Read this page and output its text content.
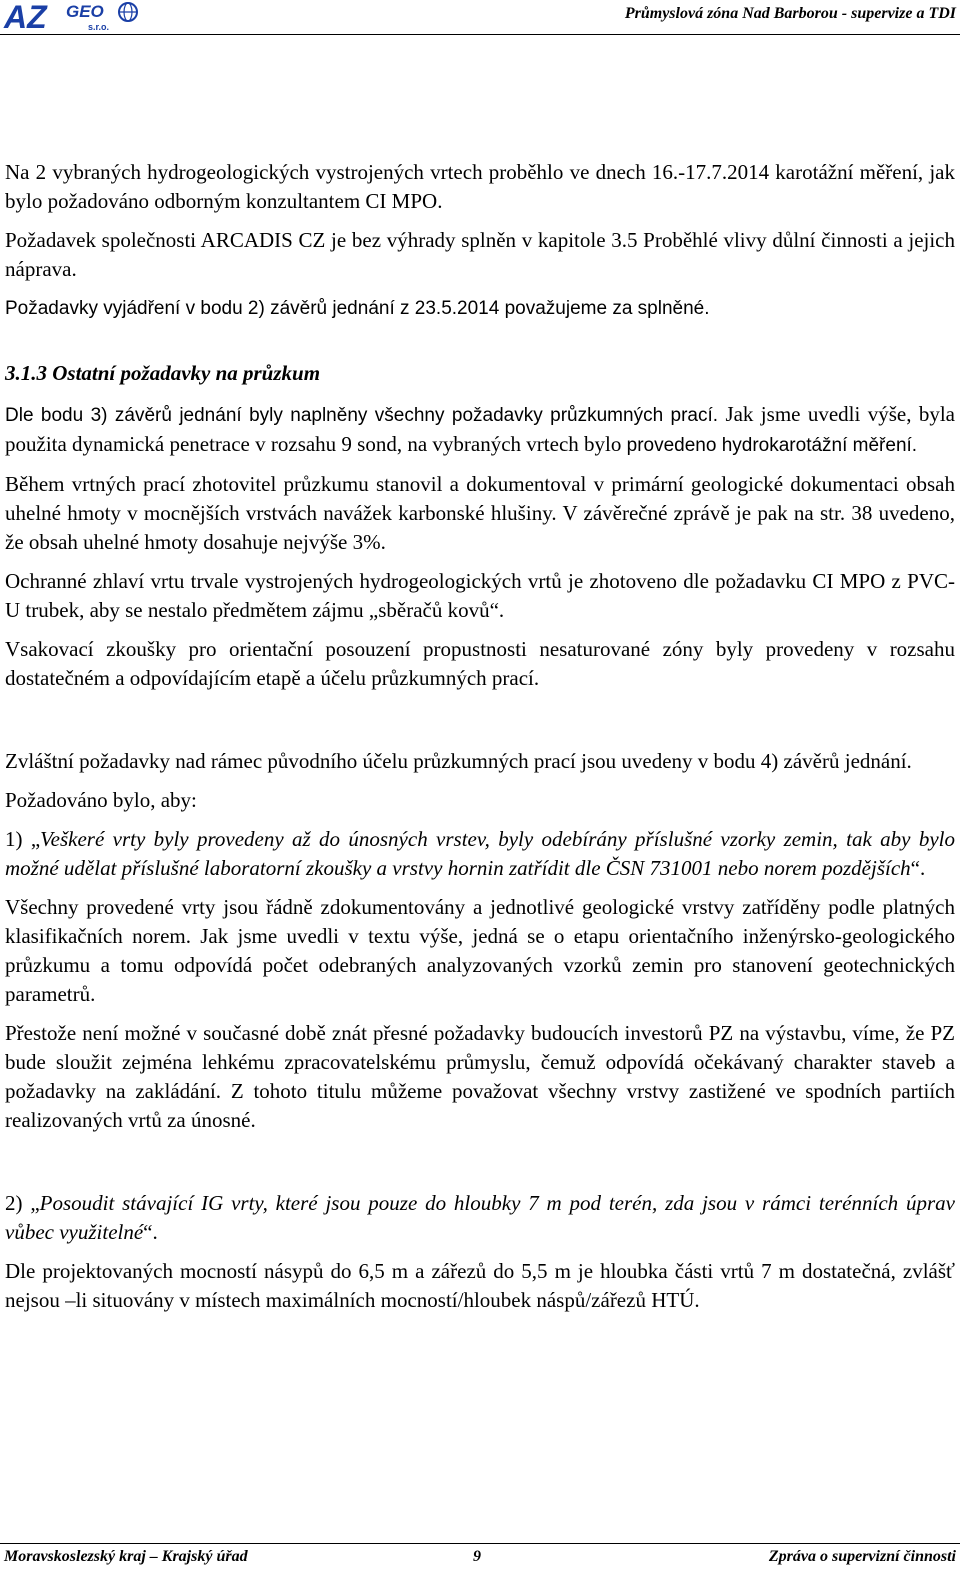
AZ GEO
s.r.o.
Průmyslová zóna Nad Barborou - supervize a TDI

Na 2 vybraných hydrogeologických vystrojených vrtech proběhlo ve dnech 16.-17.7.2014 karotážní měření, jak bylo požadováno odborným konzultantem CI MPO.

Požadavek společnosti ARCADIS CZ je bez výhrady splněn v kapitole 3.5 Proběhlé vlivy důlní činnosti a jejich náprava.

Požadavky vyjádření v bodu 2) závěrů jednání z 23.5.2014 považujeme za splněné.

3.1.3 Ostatní požadavky na průzkum

Dle bodu 3) závěrů jednání byly naplněny všechny požadavky průzkumných prací. Jak jsme uvedli výše, byla použita dynamická penetrace v rozsahu 9 sond, na vybraných vrtech bylo provedeno hydrokarotážní měření.

Během vrtných prací zhotovitel průzkumu stanovil a dokumentoval v primární geologické dokumentaci obsah uhelné hmoty v mocnějších vrstvách navážek karbonské hlušiny. V závěrečné zprávě je pak na str. 38 uvedeno, že obsah uhelné hmoty dosahuje nejvýše 3%.

Ochranné zhlaví vrtu trvale vystrojených hydrogeologických vrtů je zhotoveno dle požadavku CI MPO z PVC-U trubek, aby se nestalo předmětem zájmu „sběračů kovů“.

Vsakovací zkoušky pro orientační posouzení propustnosti nesaturované zóny byly provedeny v rozsahu dostatečném a odpovídajícím etapě a účelu průzkumných prací.

Zvláštní požadavky nad rámec původního účelu průzkumných prací jsou uvedeny v bodu 4) závěrů jednání.

Požadováno bylo, aby:

1) „Veškeré vrty byly provedeny až do únosných vrstev, byly odebírány příslušné vzorky zemin, tak aby bylo možné udělat příslušné laboratorní zkoušky a vrstvy hornin zatřídit dle ČSN 731001 nebo norem pozdějších“.

Všechny provedené vrty jsou řádně zdokumentovány a jednotlivé geologické vrstvy zatříděny podle platných klasifikačních norem. Jak jsme uvedli v textu výše, jedná se o etapu orientačního inženýrsko-geologického průzkumu a tomu odpovídá počet odebraných analyzovaných vzorků zemin pro stanovení geotechnických parametrů.

Přestože není možné v současné době znát přesné požadavky budoucích investorů PZ na výstavbu, víme, že PZ bude sloužit zejména lehkému zpracovatelskému průmyslu, čemuž odpovídá očekávaný charakter staveb a požadavky na zakládání. Z tohoto titulu můžeme považovat všechny vrstvy zastižené ve spodních partiích realizovaných vrtů za únosné.

2) „Posoudit stávající IG vrty, které jsou pouze do hloubky 7 m pod terén, zda jsou v rámci terénních úprav vůbec využitelné“.

Dle projektovaných mocností násypů do 6,5 m a zářezů do 5,5 m je hloubka části vrtů 7 m dostatečná, zvlášť nejsou –li situovány v místech maximálních mocností/hloubek náspů/zářezů HTÚ.

Moravskoslezský kraj – Krajský úřad	9	Zpráva o supervizní činnosti
